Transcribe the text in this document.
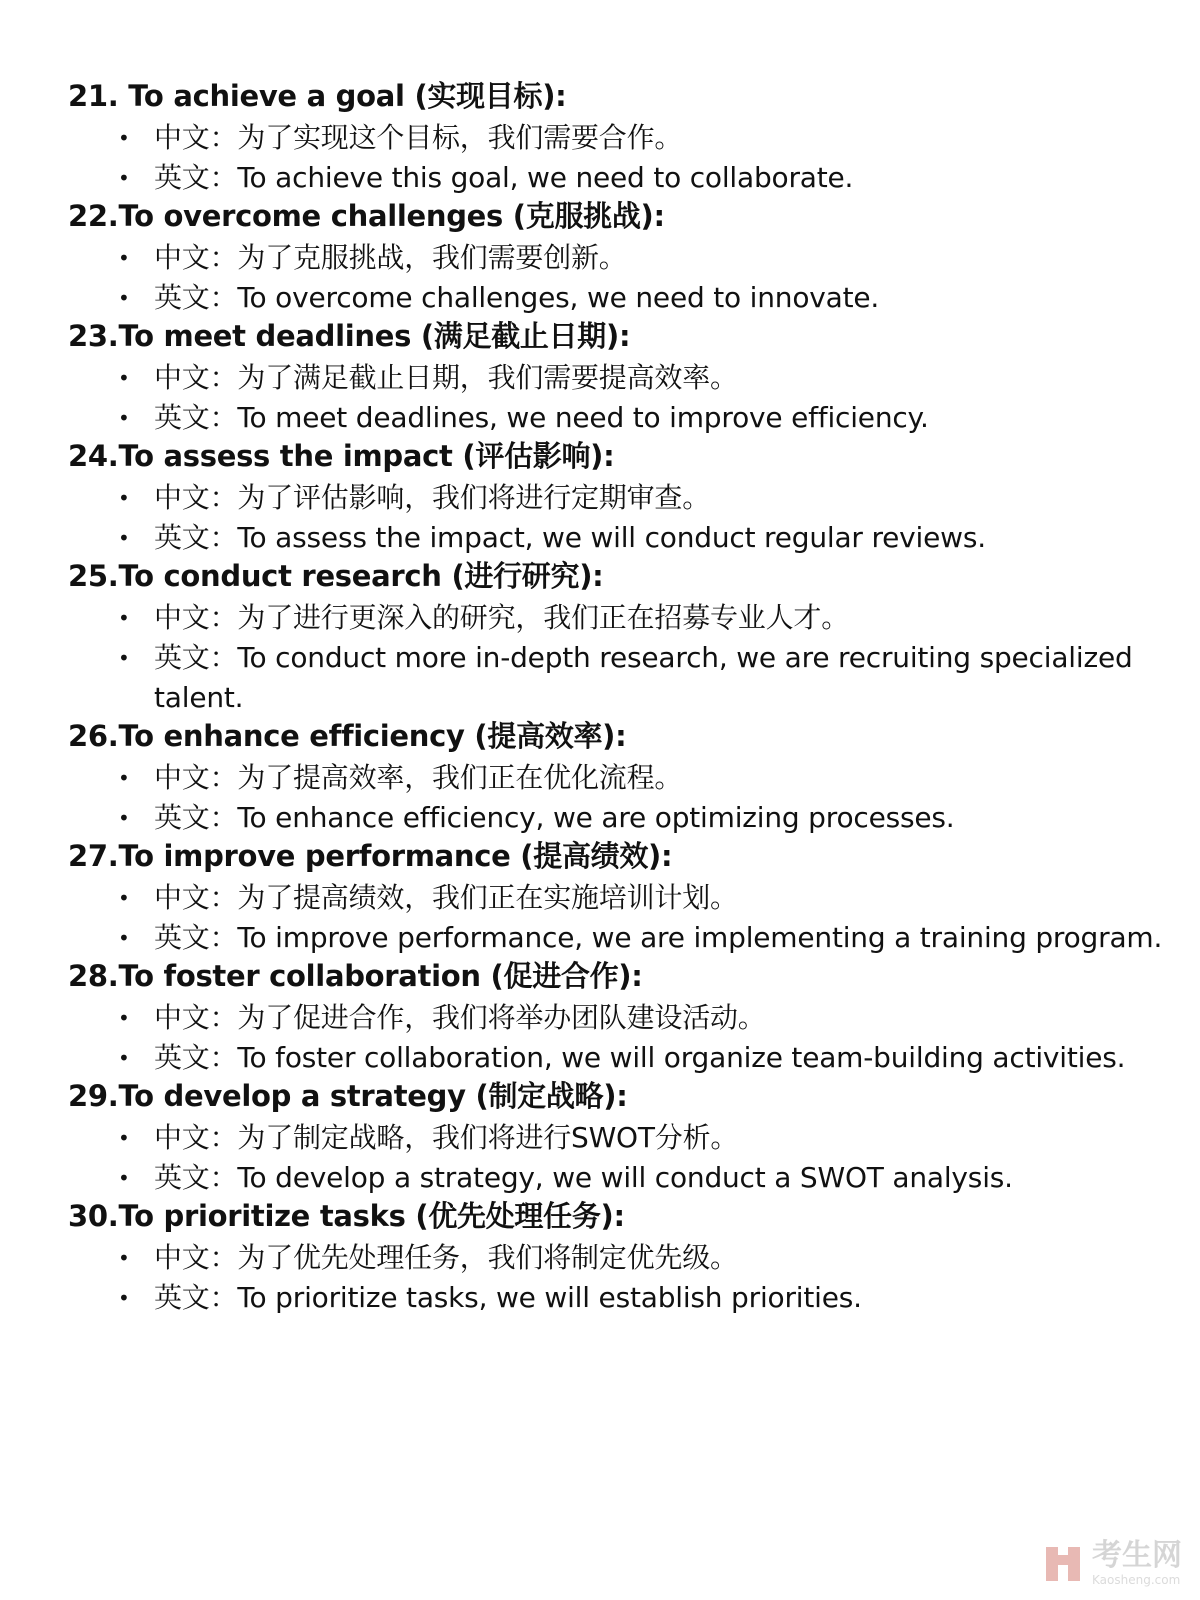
21. To achieve a goal (实现目标):
• 中文：为了实现这个目标，我们需要合作。
• 英文：To achieve this goal, we need to collaborate.
22.To overcome challenges (克服挑战):
• 中文：为了克服挑战，我们需要创新。
• 英文：To overcome challenges, we need to innovate.
23.To meet deadlines (满足截止日期):
• 中文：为了满足截止日期，我们需要提高效率。
• 英文：To meet deadlines, we need to improve efficiency.
24.To assess the impact (评估影响):
• 中文：为了评估影响，我们将进行定期审查。
• 英文：To assess the impact, we will conduct regular reviews.
25.To conduct research (进行研究):
• 中文：为了进行更深入的研究，我们正在招募专业人才。
• 英文：To conduct more in-depth research, we are recruiting specialized talent.
26.To enhance efficiency (提高效率):
• 中文：为了提高效率，我们正在优化流程。
• 英文：To enhance efficiency, we are optimizing processes.
27.To improve performance (提高绩效):
• 中文：为了提高绩效，我们正在实施培训计划。
• 英文：To improve performance, we are implementing a training program.
28.To foster collaboration (促进合作):
• 中文：为了促进合作，我们将举办团队建设活动。
• 英文：To foster collaboration, we will organize team-building activities.
29.To develop a strategy (制定战略):
• 中文：为了制定战略，我们将进行SWOT分析。
• 英文：To develop a strategy, we will conduct a SWOT analysis.
30.To prioritize tasks (优先处理任务):
• 中文：为了优先处理任务，我们将制定优先级。
• 英文：To prioritize tasks, we will establish priorities.
考生网
Kaosheng.com
